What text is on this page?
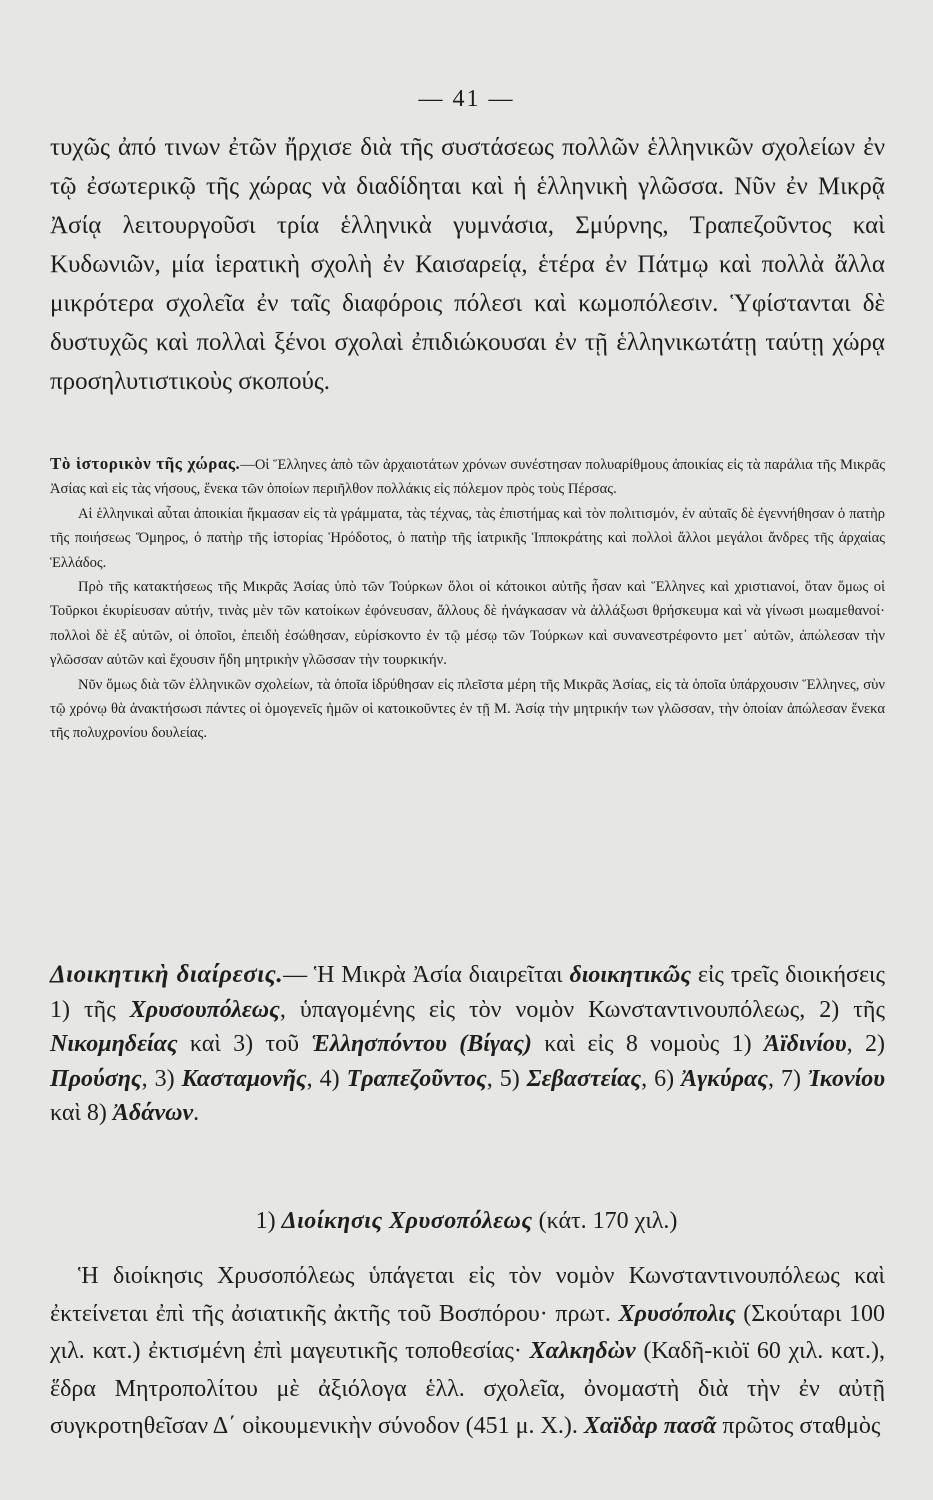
— 41 —

τυχῶς ἀπό τινων ἐτῶν ἤρχισε διὰ τῆς συστάσεως πολλῶν ἑλληνικῶν σχολείων ἐν τῷ ἐσωτερικῷ τῆς χώρας νὰ διαδίδηται καὶ ἡ ἑλληνικὴ γλῶσσα. Νῦν ἐν Μικρᾷ Ἀσίᾳ λειτουργοῦσι τρία ἑλληνικὰ γυμνάσια, Σμύρνης, Τραπεζοῦντος καὶ Κυδωνιῶν, μία ἱερατικὴ σχολὴ ἐν Καισαρείᾳ, ἑτέρα ἐν Πάτμῳ καὶ πολλὰ ἄλλα μικρότερα σχολεῖα ἐν ταῖς διαφόροις πόλεσι καὶ κωμοπόλεσιν. Ὑφίστανται δὲ δυστυχῶς καὶ πολλαὶ ξένοι σχολαὶ ἐπιδιώκουσαι ἐν τῇ ἑλληνικωτάτῃ ταύτῃ χώρᾳ προσηλυτιστικοὺς σκοπούς.

Τὸ ἱστορικὸν τῆς χώρας.—Οἱ Ἕλληνες ἀπὸ τῶν ἀρχαιοτάτων χρόνων συνέστησαν πολυαρίθμους ἀποικίας εἰς τὰ παράλια τῆς Μικρᾶς Ἀσίας καὶ εἰς τὰς νήσους, ἕνεκα τῶν ὁποίων περιῆλθον πολλάκις εἰς πόλεμον πρὸς τοὺς Πέρσας.

Αἱ ἑλληνικαὶ αὗται ἀποικίαι ἤκμασαν εἰς τὰ γράμματα, τὰς τέχνας, τὰς ἐπιστήμας καὶ τὸν πολιτισμόν, ἐν αὐταῖς δὲ ἐγεννήθησαν ὁ πατὴρ τῆς ποιήσεως Ὅμηρος, ὁ πατὴρ τῆς ἱστορίας Ἡρόδοτος, ὁ πατὴρ τῆς ἰατρικῆς Ἱπποκράτης καὶ πολλοὶ ἄλλοι μεγάλοι ἄνδρες τῆς ἀρχαίας Ἑλλάδος.

Πρὸ τῆς κατακτήσεως τῆς Μικρᾶς Ἀσίας ὑπὸ τῶν Τούρκων ὅλοι οἱ κάτοικοι αὐτῆς ἦσαν καὶ Ἕλληνες καὶ χριστιανοί, ὅταν ὅμως οἱ Τοῦρκοι ἐκυρίευσαν αὐτήν, τινὰς μὲν τῶν κατοίκων ἐφόνευσαν, ἄλλους δὲ ἠνάγκασαν νὰ ἀλλάξωσι θρήσκευμα καὶ νὰ γίνωσι μωαμεθανοί· πολλοὶ δὲ ἐξ αὐτῶν, οἱ ὁποῖοι, ἐπειδὴ ἐσώθησαν, εὑρίσκοντο ἐν τῷ μέσῳ τῶν Τούρκων καὶ συνανεστρέφοντο μετ᾽ αὐτῶν, ἀπώλεσαν τὴν γλῶσσαν αὐτῶν καὶ ἔχουσιν ἤδη μητρικὴν γλῶσσαν τὴν τουρκικήν.

Νῦν ὅμως διὰ τῶν ἑλληνικῶν σχολείων, τὰ ὁποῖα ἱδρύθησαν εἰς πλεῖστα μέρη τῆς Μικρᾶς Ἀσίας, εἰς τὰ ὁποῖα ὑπάρχουσιν Ἕλληνες, σὺν τῷ χρόνῳ θὰ ἀνακτήσωσι πάντες οἱ ὁμογενεῖς ἡμῶν οἱ κατοικοῦντες ἐν τῇ Μ. Ἀσίᾳ τὴν μητρικήν των γλῶσσαν, τὴν ὁποίαν ἀπώλεσαν ἕνεκα τῆς πολυχρονίου δουλείας.

Διοικητικὴ διαίρεσις.— Ἡ Μικρὰ Ἀσία διαιρεῖται διοικητικῶς εἰς τρεῖς διοικήσεις 1) τῆς Χρυσουπόλεως, ὑπαγομένης εἰς τὸν νομὸν Κωνσταντινουπόλεως, 2) τῆς Νικομηδείας καὶ 3) τοῦ Ἑλλησπόντου (Βίγας) καὶ εἰς 8 νομοὺς 1) Ἀϊδινίου, 2) Προύσης, 3) Κασταμονῆς, 4) Τραπεζοῦντος, 5) Σεβαστείας, 6) Ἀγκύρας, 7) Ἰκονίου καὶ 8) Ἀδάνων.

1) Διοίκησις Χρυσοπόλεως (κάτ. 170 χιλ.)

Ἡ διοίκησις Χρυσοπόλεως ὑπάγεται εἰς τὸν νομὸν Κωνσταντινουπόλεως καὶ ἐκτείνεται ἐπὶ τῆς ἀσιατικῆς ἀκτῆς τοῦ Βοσπόρου· πρωτ. Χρυσόπολις (Σκούταρι 100 χιλ. κατ.) ἐκτισμένη ἐπὶ μαγευτικῆς τοποθεσίας· Χαλκηδὼν (Καδῆ-κιὸϊ 60 χιλ. κατ.), ἕδρα Μητροπολίτου μὲ ἀξιόλογα ἑλλ. σχολεῖα, ὀνομαστὴ διὰ τὴν ἐν αὐτῇ συγκροτηθεῖσαν Δ΄ οἰκουμενικὴν σύνοδον (451 μ. Χ.). Χαϊδὰρ πασᾶ πρῶτος σταθμὸς
